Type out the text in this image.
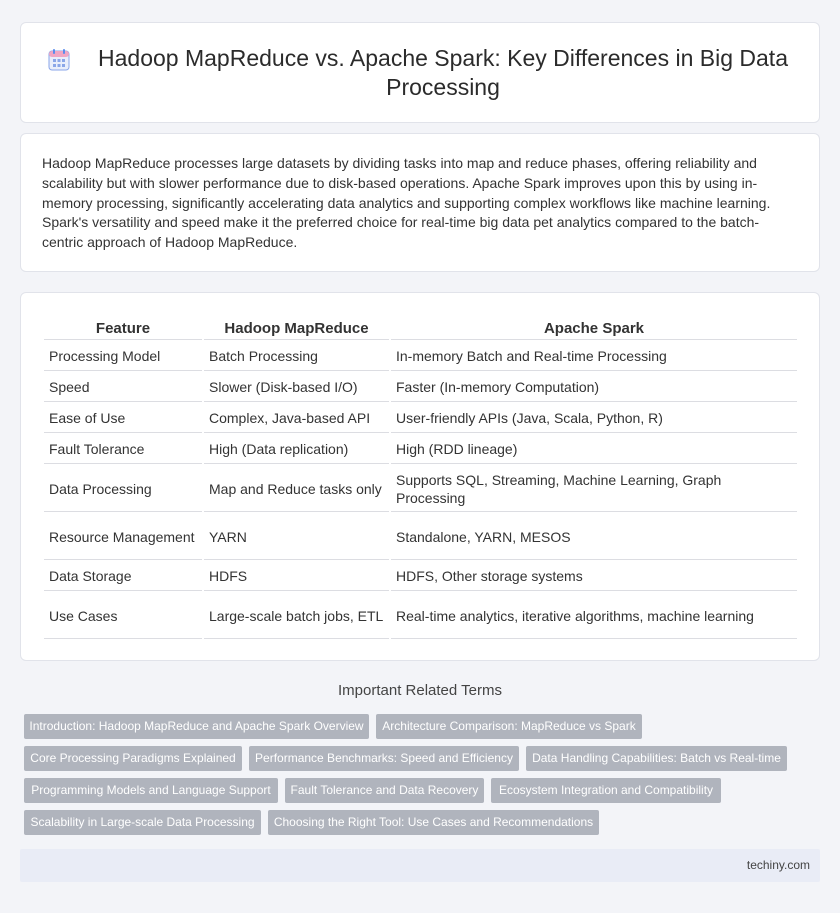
Hadoop MapReduce vs. Apache Spark: Key Differences in Big Data Processing

Hadoop MapReduce processes large datasets by dividing tasks into map and reduce phases, offering reliability and scalability but with slower performance due to disk-based operations. Apache Spark improves upon this by using in-memory processing, significantly accelerating data analytics and supporting complex workflows like machine learning. Spark's versatility and speed make it the preferred choice for real-time big data pet analytics compared to the batch-centric approach of Hadoop MapReduce.

Feature	Hadoop MapReduce	Apache Spark
Processing Model	Batch Processing	In-memory Batch and Real-time Processing
Speed	Slower (Disk-based I/O)	Faster (In-memory Computation)
Ease of Use	Complex, Java-based API	User-friendly APIs (Java, Scala, Python, R)
Fault Tolerance	High (Data replication)	High (RDD lineage)
Data Processing	Map and Reduce tasks only	Supports SQL, Streaming, Machine Learning, Graph Processing
Resource Management	YARN	Standalone, YARN, MESOS
Data Storage	HDFS	HDFS, Other storage systems
Use Cases	Large-scale batch jobs, ETL	Real-time analytics, iterative algorithms, machine learning
Important Related Terms
Introduction: Hadoop MapReduce and Apache Spark Overview	Architecture Comparison: MapReduce vs Spark
Core Processing Paradigms Explained	Performance Benchmarks: Speed and Efficiency	Data Handling Capabilities: Batch vs Real-time
Programming Models and Language Support	Fault Tolerance and Data Recovery	Ecosystem Integration and Compatibility
Scalability in Large-scale Data Processing	Choosing the Right Tool: Use Cases and Recommendations
techiny.com
